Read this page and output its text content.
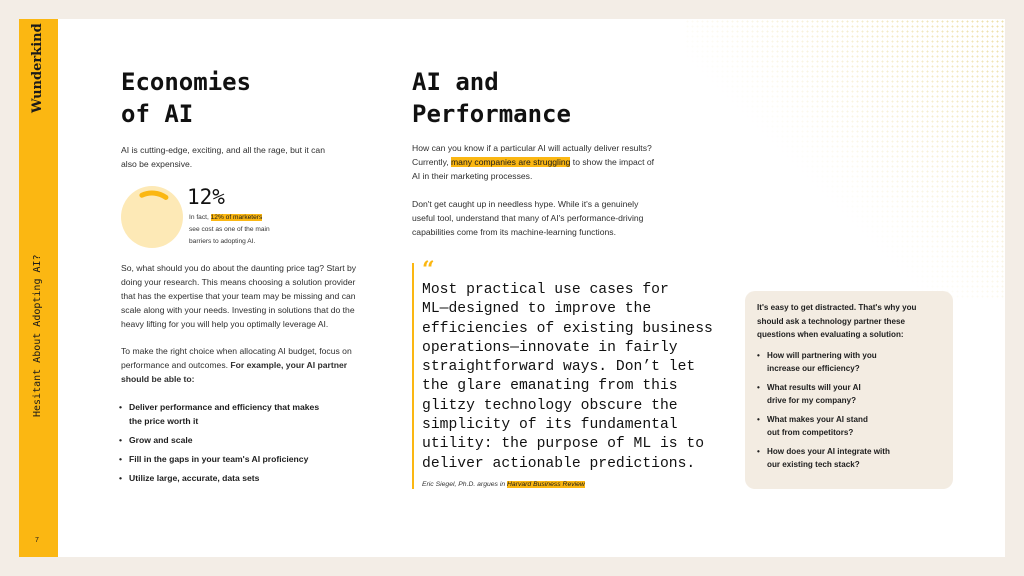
Wunderkind
Hesitant About Adopting AI?
7
Economies
of AI
AI is cutting-edge, exciting, and all the rage, but it can
also be expensive.
12%
In fact, 12% of marketers
see cost as one of the main
barriers to adopting AI.
So, what should you do about the daunting price tag? Start by
doing your research. This means choosing a solution provider
that has the expertise that your team may be missing and can
scale along with your needs. Investing in solutions that do the
heavy lifting for you will help you optimally leverage AI.
To make the right choice when allocating AI budget, focus on
performance and outcomes. For example, your AI partner
should be able to:
• Deliver performance and efficiency that makes
the price worth it
• Grow and scale
• Fill in the gaps in your team's AI proficiency
• Utilize large, accurate, data sets
AI and
Performance
How can you know if a particular AI will actually deliver results?
Currently, many companies are struggling to show the impact of
AI in their marketing processes.
Don't get caught up in needless hype. While it's a genuinely
useful tool, understand that many of AI's performance-driving
capabilities come from its machine-learning functions.
“
Most practical use cases for
ML—designed to improve the
efficiencies of existing business
operations—innovate in fairly
straightforward ways. Don’t let
the glare emanating from this
glitzy technology obscure the
simplicity of its fundamental
utility: the purpose of ML is to
deliver actionable predictions.
Eric Siegel, Ph.D. argues in Harvard Business Review
It's easy to get distracted. That's why you
should ask a technology partner these
questions when evaluating a solution:
• How will partnering with you
increase our efficiency?
• What results will your AI
drive for my company?
• What makes your AI stand
out from competitors?
• How does your AI integrate with
our existing tech stack?
